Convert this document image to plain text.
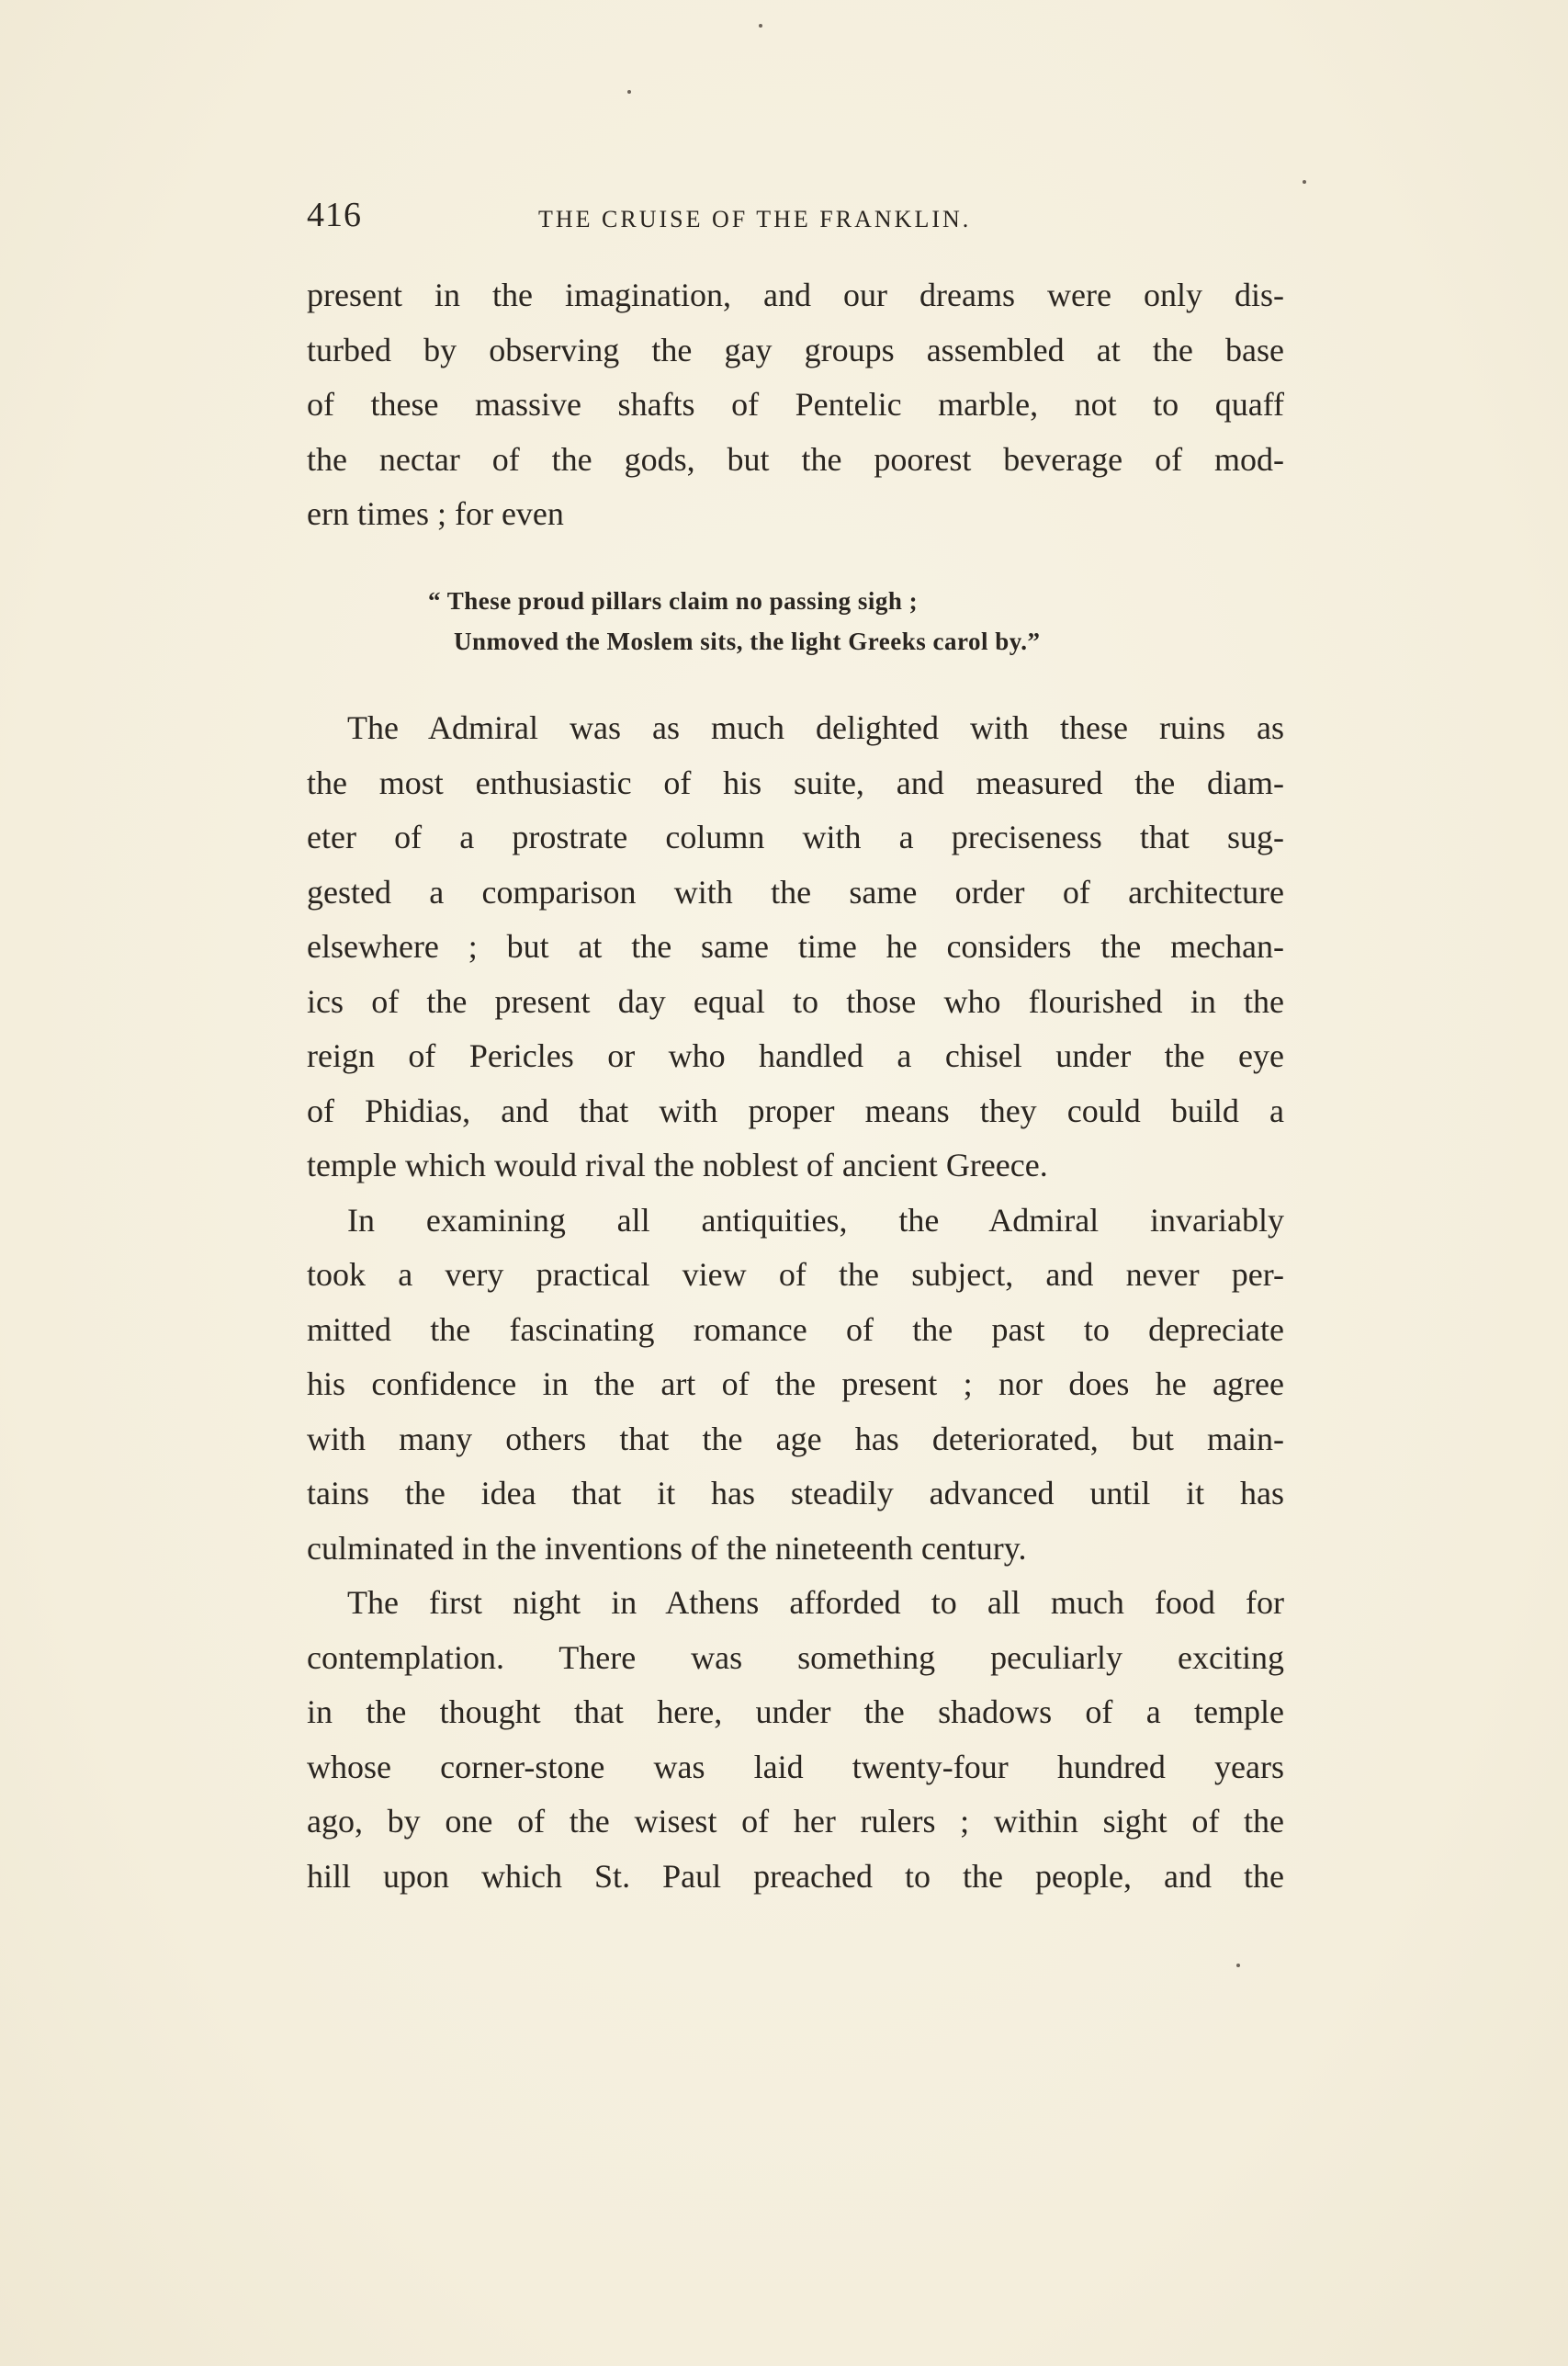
416	THE CRUISE OF THE FRANKLIN.
present in the imagination, and our dreams were only dis-
turbed by observing the gay groups assembled at the base
of these massive shafts of Pentelic marble, not to quaff
the nectar of the gods, but the poorest beverage of mod-
ern times ; for even
“ These proud pillars claim no passing sigh ;
Unmoved the Moslem sits, the light Greeks carol by.”
The Admiral was as much delighted with these ruins as
the most enthusiastic of his suite, and measured the diam-
eter of a prostrate column with a preciseness that sug-
gested a comparison with the same order of architecture
elsewhere ; but at the same time he considers the mechan-
ics of the present day equal to those who flourished in the
reign of Pericles or who handled a chisel under the eye
of Phidias, and that with proper means they could build a
temple which would rival the noblest of ancient Greece.
In examining all antiquities, the Admiral invariably
took a very practical view of the subject, and never per-
mitted the fascinating romance of the past to depreciate
his confidence in the art of the present ; nor does he agree
with many others that the age has deteriorated, but main-
tains the idea that it has steadily advanced until it has
culminated in the inventions of the nineteenth century.
The first night in Athens afforded to all much food for
contemplation. There was something peculiarly exciting
in the thought that here, under the shadows of a temple
whose corner-stone was laid twenty-four hundred years
ago, by one of the wisest of her rulers ; within sight of the
hill upon which St. Paul preached to the people, and the
